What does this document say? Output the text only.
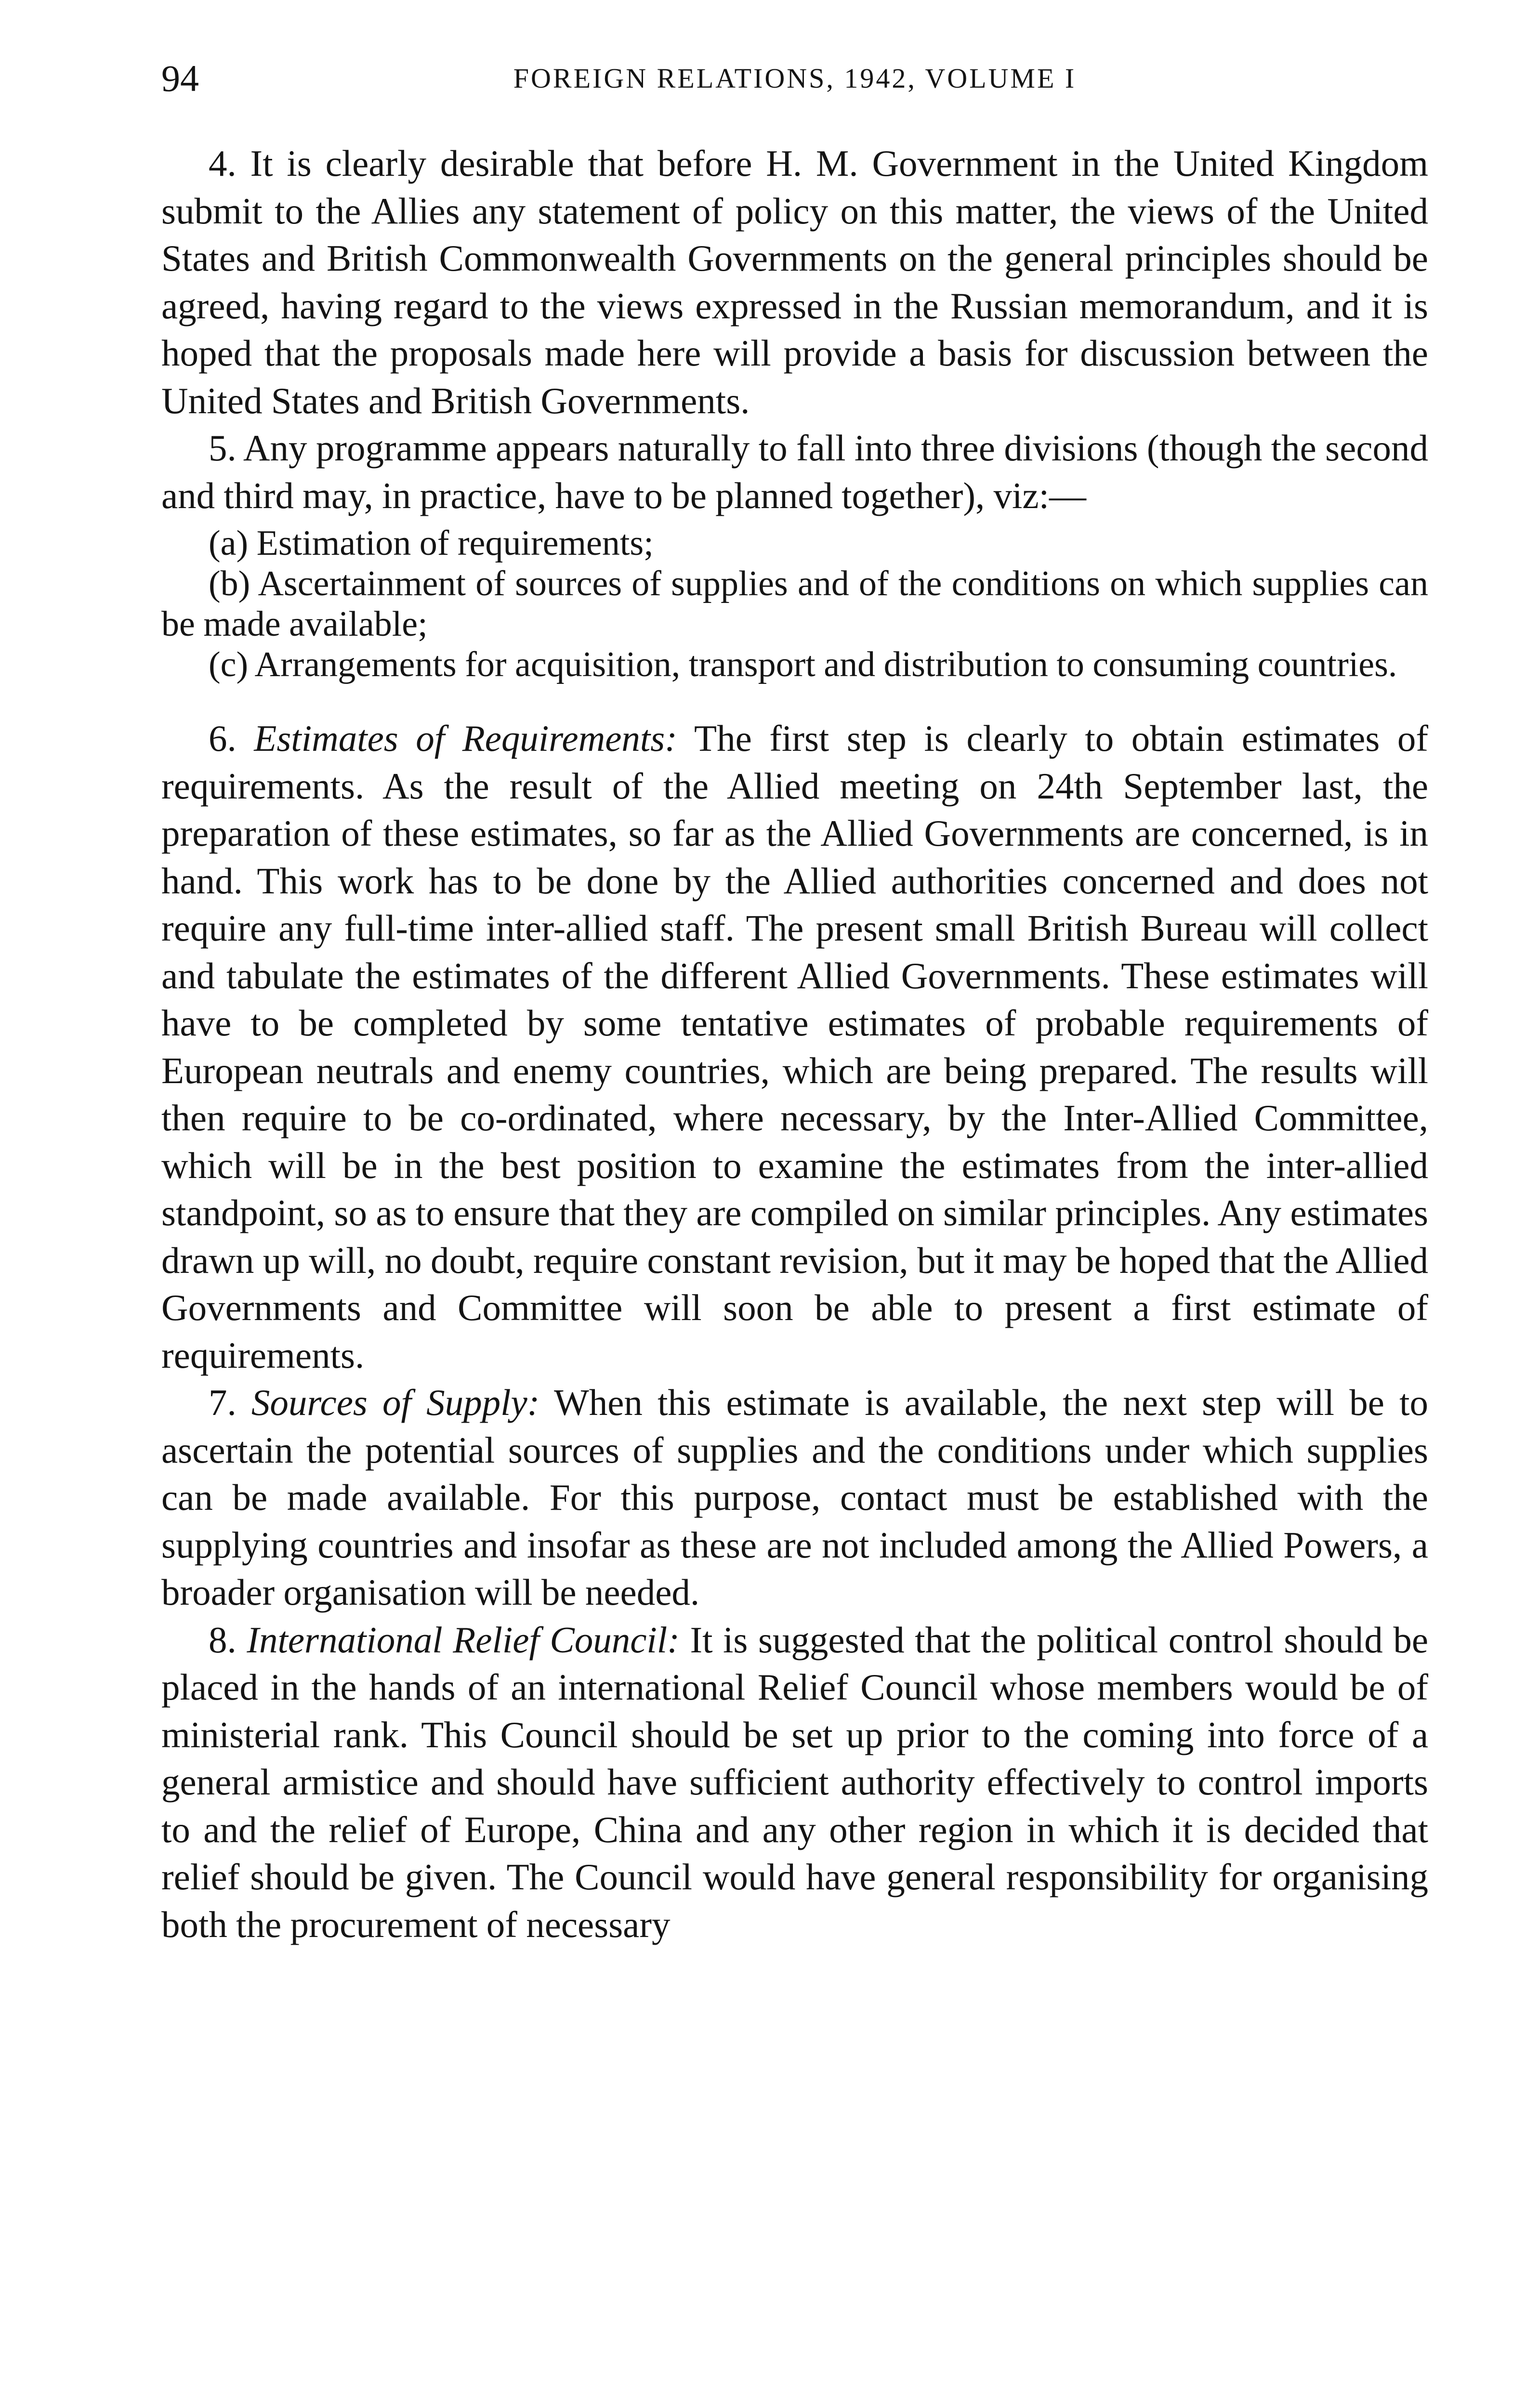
94	FOREIGN RELATIONS, 1942, VOLUME I

4. It is clearly desirable that before H. M. Government in the United Kingdom submit to the Allies any statement of policy on this matter, the views of the United States and British Commonwealth Governments on the general principles should be agreed, having regard to the views expressed in the Russian memorandum, and it is hoped that the proposals made here will provide a basis for discussion between the United States and British Governments.

5. Any programme appears naturally to fall into three divisions (though the second and third may, in practice, have to be planned together), viz:—

(a) Estimation of requirements;

(b) Ascertainment of sources of supplies and of the conditions on which supplies can be made available;

(c) Arrangements for acquisition, transport and distribution to consuming countries.

6. Estimates of Requirements: The first step is clearly to obtain estimates of requirements. As the result of the Allied meeting on 24th September last, the preparation of these estimates, so far as the Allied Governments are concerned, is in hand. This work has to be done by the Allied authorities concerned and does not require any full-time inter-allied staff. The present small British Bureau will collect and tabulate the estimates of the different Allied Governments. These estimates will have to be completed by some tentative estimates of probable requirements of European neutrals and enemy countries, which are being prepared. The results will then require to be co-ordinated, where necessary, by the Inter-Allied Committee, which will be in the best position to examine the estimates from the inter-allied standpoint, so as to ensure that they are compiled on similar principles. Any estimates drawn up will, no doubt, require constant revision, but it may be hoped that the Allied Governments and Committee will soon be able to present a first estimate of requirements.

7. Sources of Supply: When this estimate is available, the next step will be to ascertain the potential sources of supplies and the conditions under which supplies can be made available. For this purpose, contact must be established with the supplying countries and insofar as these are not included among the Allied Powers, a broader organisation will be needed.

8. International Relief Council: It is suggested that the political control should be placed in the hands of an international Relief Council whose members would be of ministerial rank. This Council should be set up prior to the coming into force of a general armistice and should have sufficient authority effectively to control imports to and the relief of Europe, China and any other region in which it is decided that relief should be given. The Council would have general responsibility for organising both the procurement of necessary
